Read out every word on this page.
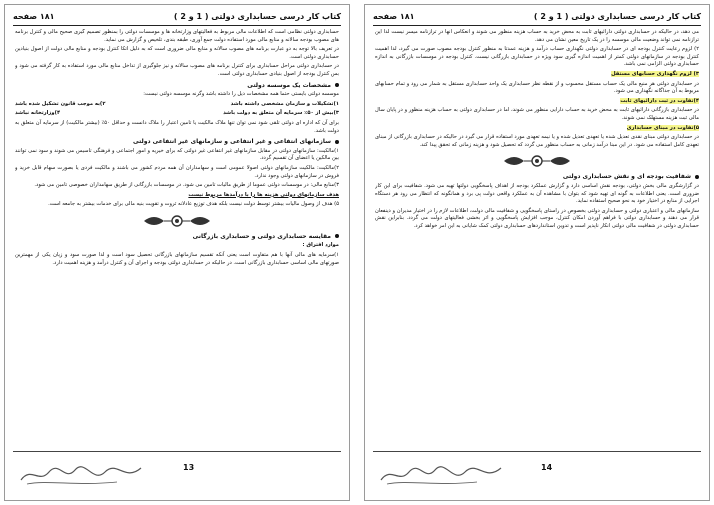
کتاب کار درسی حسابداری دولتی ( 1 و 2 )
۱۸۱ صفحه

حسابداری دولتی نظامی است که اطلاعات مالی مربوط به فعالیتهای وزارتخانه ها و موسسات دولتی را بمنظور تصمیم گیری صحیح مالی و کنترل برنامه های مصوب بودجه سالانه و منابع مالی مورد استفاده دولت جمع آوری، طبقه بندی، تلخیص و گزارش می نماید.

در تعریف بالا توجه به دو عبارت برنامه های مصوب سالانه و منابع مالی ضروری است که به دلیل اتکا کنترل بودجه و منابع مالی دولت از اصول بنیادین حسابداری دولتی است.

در حسابداری دولتی مراحل حسابداری برای کنترل برنامه های مصوب سالانه و نیز جلوگیری از تداخل منابع مالی مورد استفاده به کار گرفته می شود و بس کنترل بودجه از اصول بنیادی حسابداری دولتی است.

مشخصات یک موسسه دولتی

موسسه دولتی بایستی حتما همه مشخصات ذیل را داشته باشد وگرنه موسسه دولتی نیست:

۱)تشکیلات و سازمان مشخصی داشته باشد
۲)به موجب قانون تشکیل شده باشد
۳)بیش از ۵۰٪ سرمایه آن متعلق به دولت باشد
۴)وزارتخانه نباشد

برای آن که اداره ای دولتی تلقی شود نمی توان تنها ملاک مالکیت یا تامین اعتبار را ملاک دانست و حداقل ۵۰٪ (بیشتر مالکیت) از سرمایه آن متعلق به دولت باشد.

سازمانهای انتفاعی و غیر انتفاعی و سازمانهای غیر انتفاعی دولتی

۱)مالکیت: سازمانهای دولتی در مقابل سازمانهای غیر انتفاعی غیر دولتی که برای خیریه و امور اجتماعی و فرهنگی تاسیس می شوند و سود نمی توانند بین مالکین یا اعضای آن تقسیم گردد.

۲)مالکیت: مالکیت سازمانهای دولتی اصولا عمومی است و سهامداران آن همه مردم کشور می باشند و مالکیت فردی یا بصورت سهام قابل خرید و فروش در سازمانهای دولتی وجود ندارد.

۳)منابع مالی: در موسسات دولتی عموما از طریق مالیات تامین می شود. در موسسات بازرگانی از طریق سهامداران خصوصی تامین می شود.

هدف سازمانهای دولتی هزینه ها را با درآمدها مربوط نیست

۵) هدف از وصول مالیات بیشتر توسط دولت نیست بلکه هدف توزیع عادلانه ثروت و تقویت بنیه مالی برای خدمات بیشتر به جامعه است.

مقایسه حسابداری دولتی و حسابداری بازرگانی

موارد افتراق :

۱)سرمایه های مالی آنها با هم متفاوت است یعنی آنکه تقسیم سازمانهای بازرگانی تحصیل سود است و لذا صورت سود و زیان یکی از مهمترین صورتهای مالی اساسی حسابداری بازرگانی است. در حالیکه در حسابداری دولتی بودجه و اجرای آن و کنترل درآمد و هزینه اهمیت دارد.

13
کتاب کار درسی حسابداری دولتی ( 1 و 2 )
۱۸۱ صفحه

می دهد، در حالیکه در حسابداری دولتی دارائیهای ثابت به محض خرید به حساب هزینه منظور می شوند و انعکاس آنها در ترازنامه میسر نیست لذا این ترازنامه نمی تواند وضعیت مالی موسسه را در یک تاریخ معین نشان می دهد.

۲) لزوم رعایت کنترل بودجه ای در حسابداری دولتی نگهداری حساب درآمد و هزینه عمدتا به منظور کنترل بودجه مصوب صورت می گیرد، لذا اهمیت کنترل بودجه در سازمانهای دولتی کمتر از اهمیت اندازه گیری سود ویژه در حسابداری بازرگانی نیست. کنترل بودجه در موسسات بازرگانی به اندازه حسابداری دولتی الزامی نمی باشد.

۳) لزوم نگهداری حسابهای مستقل

در حسابداری دولتی هر منبع مالی یک حساب مستقل محسوب و از نقطه نظر حسابداری یک واحد حسابداری مستقل به شمار می رود و تمام حسابهای مربوط به آن جداگانه نگهداری می شود.

۴)تفاوت در ثبت دارائیهای ثابت

در حسابداری بازرگانی دارائیهای ثابت به محض خرید به حساب دارایی منظور می شوند، اما در حسابداری دولتی به حساب هزینه منظور و در پایان سال مالی ثبت هزینه مستهلک نمی شوند.

۵)تفاوت در مبنای حسابداری

در حسابداری دولتی مبنای نقدی تعدیل شده یا تعهدی تعدیل شده و یا نیمه تعهدی مورد استفاده قرار می گیرد در حالیکه در حسابداری بازرگانی از مبنای تعهدی کامل استفاده می شود. در این مبنا درآمد زمانی به حساب منظور می گردد که تحصیل شود و هزینه زمانی که تحقق پیدا کند.

شفافیت بودجه ای و نقش حسابداری دولتی

در گزارشگری مالی بخش دولتی، بودجه نقش اساسی دارد و گزارش عملکرد بودجه از اهداف پاسخگویی دولتها تهیه می شود. شفافیت برای این کار ضروری است. یعنی اطلاعات به گونه ای تهیه شود که بتوان با مشاهده آن به عملکرد واقعی دولت پی برد و همانگونه که انتظار می رود هر دستگاه اجرایی از منابع در اختیار خود به نحو صحیح استفاده نماید.

سازمانهای مالی و اعتباری دولتی و حسابداری دولتی بخصوص در راستای پاسخگویی و شفافیت مالی دولت، اطلاعات لازم را در اختیار مدیران و ذینفعان قرار می دهند و حسابداری دولتی با فراهم آوردن امکان کنترل، موجب افزایش پاسخگویی و اثر بخشی فعالیتهای دولت می گردد. بنابراین نقش حسابداری دولتی در شفافیت مالی دولتی انکار ناپذیر است و تدوین استانداردهای حسابداری دولتی کمک شایانی به این امر خواهد کرد.

14
